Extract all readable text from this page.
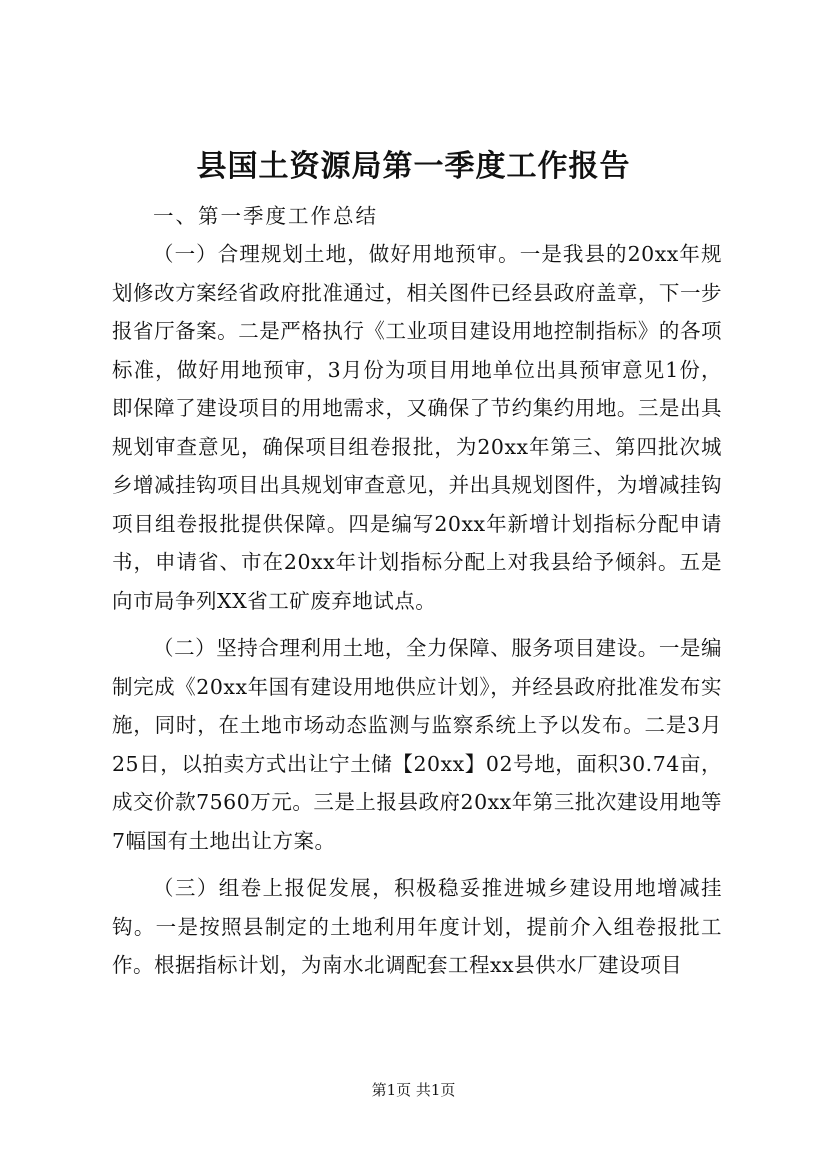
县国土资源局第一季度工作报告

一、第一季度工作总结

（一）合理规划土地，做好用地预审。一是我县的20xx年规划修改方案经省政府批准通过，相关图件已经县政府盖章，下一步报省厅备案。二是严格执行《工业项目建设用地控制指标》的各项标准，做好用地预审，3月份为项目用地单位出具预审意见1份，即保障了建设项目的用地需求，又确保了节约集约用地。三是出具规划审查意见，确保项目组卷报批，为20xx年第三、第四批次城乡增减挂钩项目出具规划审查意见，并出具规划图件，为增减挂钩项目组卷报批提供保障。四是编写20xx年新增计划指标分配申请书，申请省、市在20xx年计划指标分配上对我县给予倾斜。五是向市局争列XX省工矿废弃地试点。

（二）坚持合理利用土地，全力保障、服务项目建设。一是编制完成《20xx年国有建设用地供应计划》，并经县政府批准发布实施，同时，在土地市场动态监测与监察系统上予以发布。二是3月25日，以拍卖方式出让宁土储【20xx】02号地，面积30.74亩，成交价款7560万元。三是上报县政府20xx年第三批次建设用地等7幅国有土地出让方案。

（三）组卷上报促发展，积极稳妥推进城乡建设用地增减挂钩。一是按照县制定的土地利用年度计划，提前介入组卷报批工作。根据指标计划，为南水北调配套工程xx县供水厂建设项目

第1页 共1页
